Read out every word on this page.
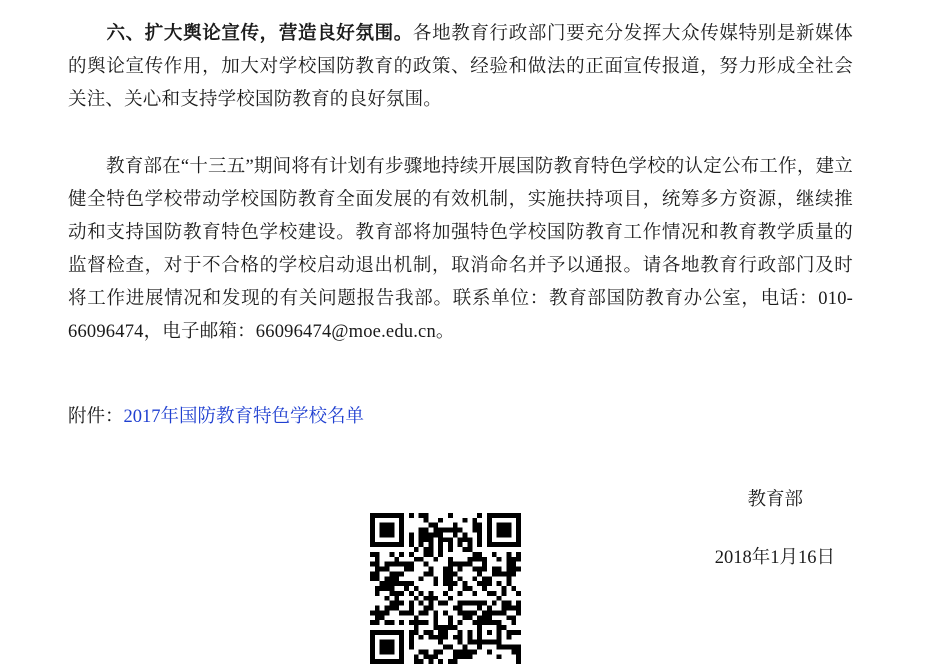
六、扩大舆论宣传，营造良好氛围。各地教育行政部门要充分发挥大众传媒特别是新媒体的舆论宣传作用，加大对学校国防教育的政策、经验和做法的正面宣传报道，努力形成全社会关注、关心和支持学校国防教育的良好氛围。

教育部在“十三五”期间将有计划有步骤地持续开展国防教育特色学校的认定公布工作，建立健全特色学校带动学校国防教育全面发展的有效机制，实施扶持项目，统筹多方资源，继续推动和支持国防教育特色学校建设。教育部将加强特色学校国防教育工作情况和教育教学质量的监督检查，对于不合格的学校启动退出机制，取消命名并予以通报。请各地教育行政部门及时将工作进展情况和发现的有关问题报告我部。联系单位：教育部国防教育办公室，电话：010-66096474，电子邮箱：66096474@moe.edu.cn。

附件：2017年国防教育特色学校名单

教育部
2018年1月16日
